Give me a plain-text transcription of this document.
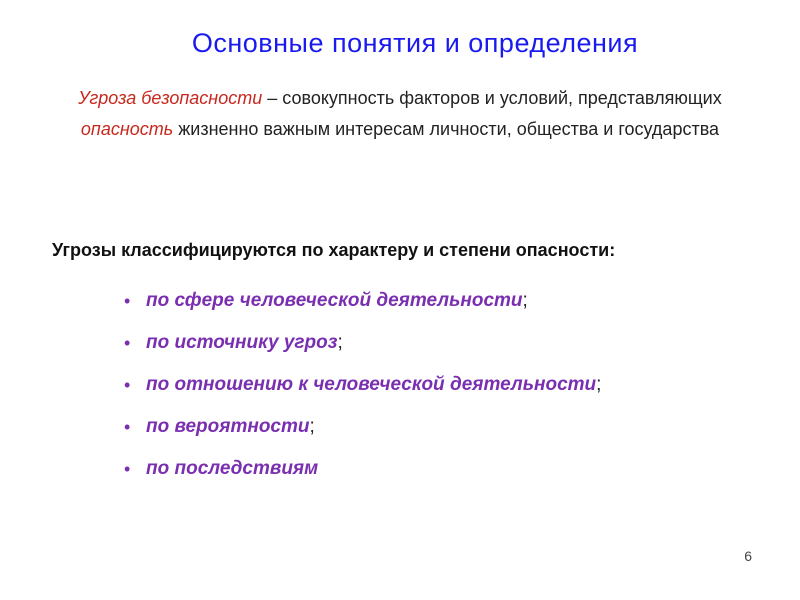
Основные понятия и определения
Угроза безопасности – совокупность факторов и условий, представляющих опасность жизненно важным интересам личности, общества и государства
Угрозы классифицируются по характеру и степени опасности:
• по сфере человеческой деятельности;
• по источнику угроз;
• по отношению к человеческой деятельности;
• по вероятности;
• по последствиям
6
